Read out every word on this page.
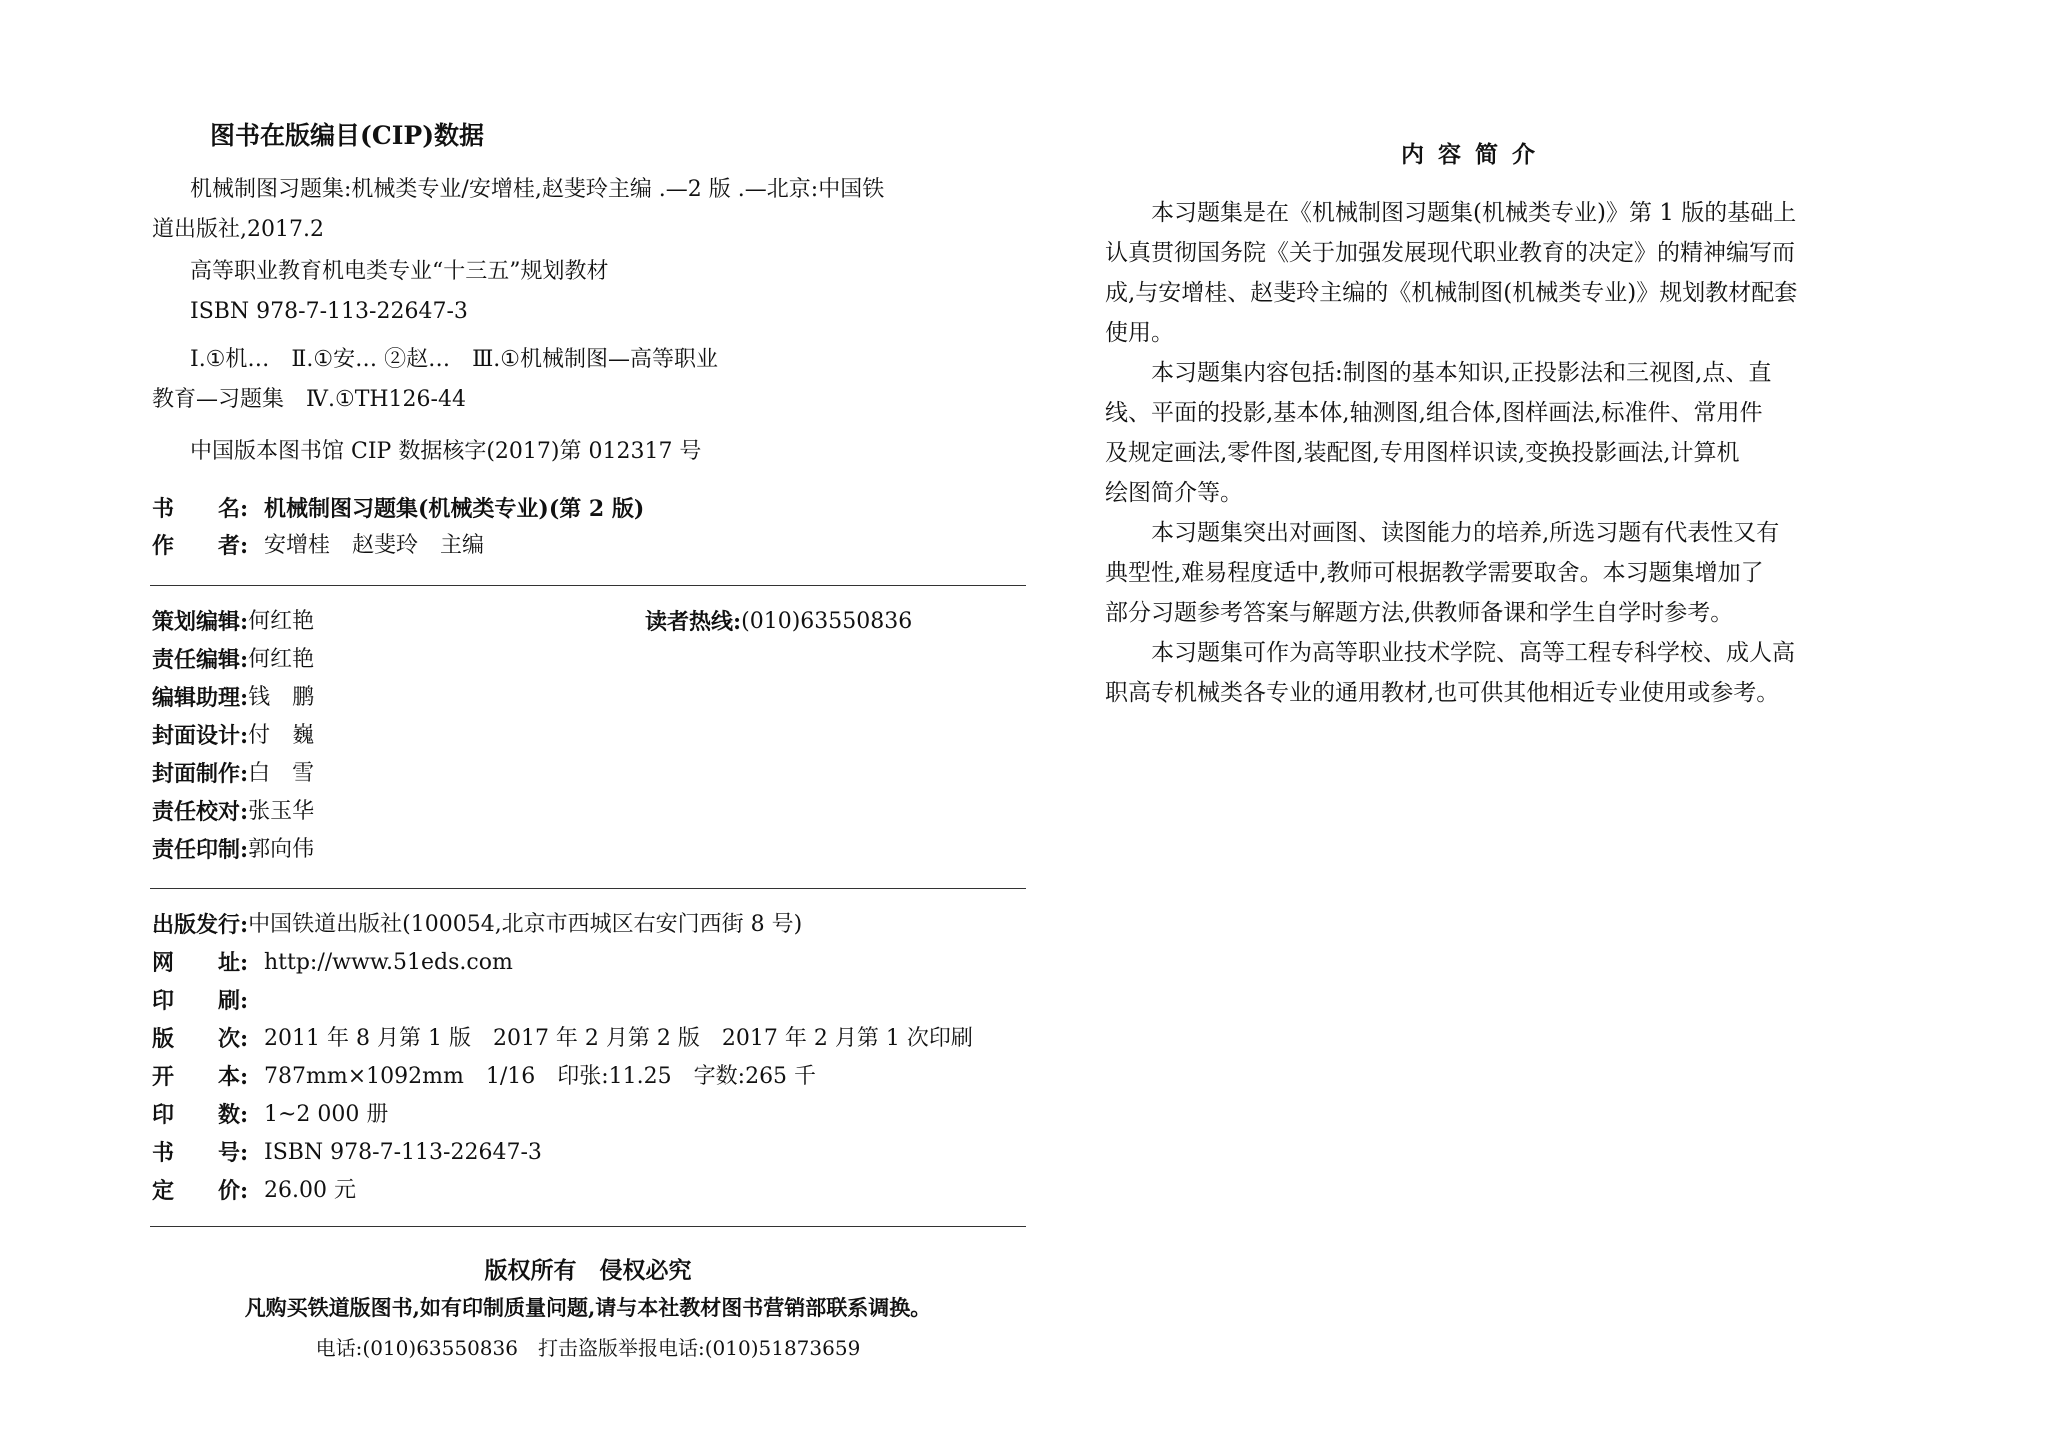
图书在版编目(CIP)数据
机械制图习题集:机械类专业/安增桂,赵斐玲主编 .—2 版 .—北京:中国铁
道出版社,2017.2
高等职业教育机电类专业“十三五”规划教材
ISBN 978-7-113-22647-3
Ⅰ.①机…　Ⅱ.①安… ②赵…　Ⅲ.①机械制图—高等职业
教育—习题集　Ⅳ.①TH126-44
中国版本图书馆 CIP 数据核字(2017)第 012317 号
书　　名: 机械制图习题集(机械类专业)(第 2 版)
作　　者: 安增桂　赵斐玲　主编
策划编辑: 何红艳
责任编辑: 何红艳
编辑助理: 钱　鹏
封面设计: 付　巍
封面制作: 白　雪
责任校对: 张玉华
责任印制: 郭向伟
读者热线: (010)63550836
出版发行: 中国铁道出版社(100054,北京市西城区右安门西街 8 号)
网　　址: http://www.51eds.com
印　　刷:
版　　次: 2011 年 8 月第 1 版　2017 年 2 月第 2 版　2017 年 2 月第 1 次印刷
开　　本: 787mm×1092mm　1/16　印张:11.25　字数:265 千
印　　数: 1~2 000 册
书　　号: ISBN 978-7-113-22647-3
定　　价: 26.00 元
版权所有　侵权必究
凡购买铁道版图书,如有印制质量问题,请与本社教材图书营销部联系调换。
电话:(010)63550836　打击盗版举报电话:(010)51873659
内容简介
本习题集是在《机械制图习题集(机械类专业)》第 1 版的基础上
认真贯彻国务院《关于加强发展现代职业教育的决定》的精神编写而
成,与安增桂、赵斐玲主编的《机械制图(机械类专业)》规划教材配套
使用。
本习题集内容包括:制图的基本知识,正投影法和三视图,点、直
线、平面的投影,基本体,轴测图,组合体,图样画法,标准件、常用件
及规定画法,零件图,装配图,专用图样识读,变换投影画法,计算机
绘图简介等。
本习题集突出对画图、读图能力的培养,所选习题有代表性又有
典型性,难易程度适中,教师可根据教学需要取舍。本习题集增加了
部分习题参考答案与解题方法,供教师备课和学生自学时参考。
本习题集可作为高等职业技术学院、高等工程专科学校、成人高
职高专机械类各专业的通用教材,也可供其他相近专业使用或参考。
